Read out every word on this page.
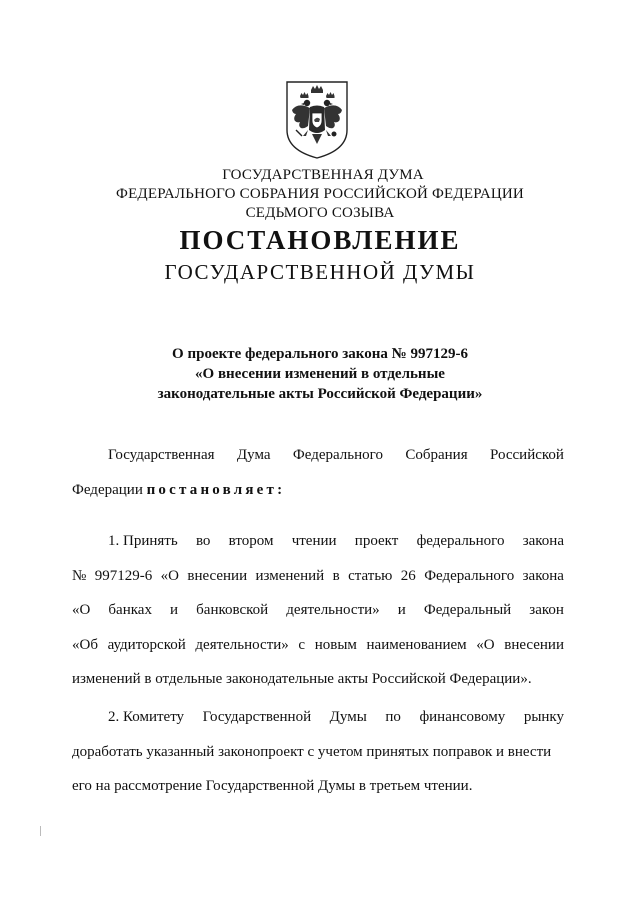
ГОСУДАРСТВЕННАЯ ДУМА
ФЕДЕРАЛЬНОГО СОБРАНИЯ РОССИЙСКОЙ ФЕДЕРАЦИИ
СЕДЬМОГО СОЗЫВА
ПОСТАНОВЛЕНИЕ
ГОСУДАРСТВЕННОЙ ДУМЫ
О проекте федерального закона № 997129-6
«О внесении изменений в отдельные
законодательные акты Российской Федерации»
Государственная Дума Федерального Собрания Российской
Федерации постановляет:
1. Принять во втором чтении проект федерального закона
№ 997129-6 «О внесении изменений в статью 26 Федерального закона
«О банках и банковской деятельности» и Федеральный закон
«Об аудиторской деятельности» с новым наименованием «О внесении
изменений в отдельные законодательные акты Российской Федерации».
2. Комитету Государственной Думы по финансовому рынку
доработать указанный законопроект с учетом принятых поправок и внести
его на рассмотрение Государственной Думы в третьем чтении.
